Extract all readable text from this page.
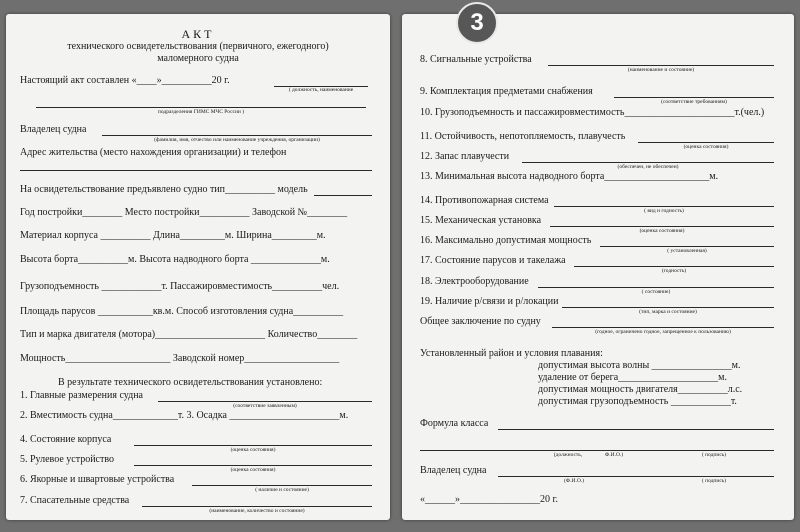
3
АКТ
технического освидетельствования (первичного, ежегодного)
маломерного судна
Настоящий акт составлен «____»__________20 г.
( должность, наименование
подразделения ГИМС МЧС России )
Владелец судна
(фамилия, имя, отчество или наименование учреждения, организации)
Адрес жительства (место нахождения организации) и телефон
На освидетельствование предъявлено судно тип__________ модель
Год постройки________ Место постройки__________ Заводской №________
Материал корпуса __________ Длина_________м. Ширина_________м.
Высота борта__________м. Высота надводного борта ______________м.
Грузоподъемность ____________т. Пассажировместимость__________чел.
Площадь парусов ___________кв.м. Способ изготовления судна__________
Тип и марка двигателя (мотора)______________________ Количество________
Мощность_____________________ Заводской номер___________________
В результате технического освидетельствования установлено:
1. Главные размерения судна
(соответствие заявленным)
2. Вместимость судна_____________т. 3. Осадка ______________________м.
4. Состояние корпуса
(оценка состояния)
5. Рулевое устройство
(оценка состояния)
6. Якорные и швартовые устройства
( наличие и состояние)
7. Спасательные средства
(наименование, количество и состояние)
8. Сигнальные устройства
(наименование и состояние)
9. Комплектация предметами снабжения
(соответствие требованиям)
10. Грузоподъемность и пассажировместимость______________________т.(чел.)
11. Остойчивость, непотопляемость, плавучесть
(оценка состояния)
12. Запас плавучести
(обеспечен, не обеспечен)
13. Минимальная высота надводного борта_____________________м.
14. Противопожарная система
( вид и годность)
15. Механическая установка
(оценка состояния)
16. Максимально допустимая мощность
( установленная)
17. Состояние парусов и такелажа
(годность)
18. Электрооборудование
( состояние)
19. Наличие р/связи и р/локации
(тип, марка и состояние)
Общее заключение по судну
(годное, ограничено годное, запрещенное к пользованию)
Установленный район и условия плавания:
допустимая высота волны ________________м.
удаление от берега____________________м.
допустимая мощность двигателя__________л.с.
допустимая грузоподъемность ____________т.
Формула класса
(должность,	Ф.И.О.)	( подпись)
Владелец судна
(Ф.И.О.)	( подпись)
«______»________________20 г.
